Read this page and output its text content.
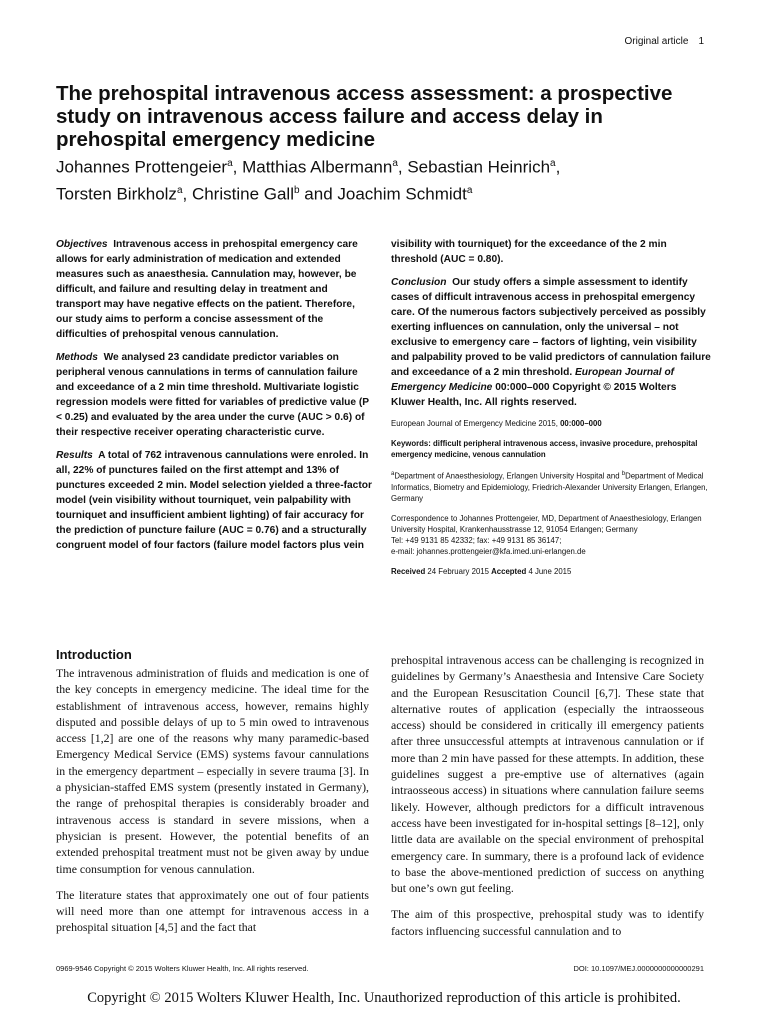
Original article 1
The prehospital intravenous access assessment: a prospective study on intravenous access failure and access delay in prehospital emergency medicine
Johannes Prottengeier$^a$, Matthias Albermann$^a$, Sebastian Heinrich$^a$,
Torsten Birkholz$^a$, Christine Gall$^b$ and Joachim Schmidt$^a$

Objectives Intravenous access in prehospital emergency care allows for early administration of medication and extended measures such as anaesthesia. Cannulation may, however, be difficult, and failure and resulting delay in treatment and transport may have negative effects on the patient. Therefore, our study aims to perform a concise assessment of the difficulties of prehospital venous cannulation.

Methods We analysed 23 candidate predictor variables on peripheral venous cannulations in terms of cannulation failure and exceedance of a 2 min time threshold. Multivariate logistic regression models were fitted for variables of predictive value (P < 0.25) and evaluated by the area under the curve (AUC > 0.6) of their respective receiver operating characteristic curve.

Results A total of 762 intravenous cannulations were enroled. In all, 22% of punctures failed on the first attempt and 13% of punctures exceeded 2 min. Model selection yielded a three-factor model (vein visibility without tourniquet, vein palpability with tourniquet and insufficient ambient lighting) of fair accuracy for the prediction of puncture failure (AUC = 0.76) and a structurally congruent model of four factors (failure model factors plus vein

visibility with tourniquet) for the exceedance of the 2 min threshold (AUC = 0.80).

Conclusion Our study offers a simple assessment to identify cases of difficult intravenous access in prehospital emergency care. Of the numerous factors subjectively perceived as possibly exerting influences on cannulation, only the universal – not exclusive to emergency care – factors of lighting, vein visibility and palpability proved to be valid predictors of cannulation failure and exceedance of a 2 min threshold. European Journal of Emergency Medicine 00:000–000 Copyright © 2015 Wolters Kluwer Health, Inc. All rights reserved.

European Journal of Emergency Medicine 2015, 00:000–000

Keywords: difficult peripheral intravenous access, invasive procedure, prehospital emergency medicine, venous cannulation

$^a$Department of Anaesthesiology, Erlangen University Hospital and $^b$Department of Medical Informatics, Biometry and Epidemiology, Friedrich-Alexander University Erlangen, Erlangen, Germany

Correspondence to Johannes Prottengeier, MD, Department of Anaesthesiology, Erlangen University Hospital, Krankenhausstrasse 12, 91054 Erlangen; Germany
Tel: +49 9131 85 42332; fax: +49 9131 85 36147;
e-mail: johannes.prottengeier@kfa.imed.uni-erlangen.de

Received 24 February 2015 Accepted 4 June 2015

Introduction

The intravenous administration of fluids and medication is one of the key concepts in emergency medicine. The ideal time for the establishment of intravenous access, however, remains highly disputed and possible delays of up to 5 min owed to intravenous access [1,2] are one of the reasons why many paramedic-based Emergency Medical Service (EMS) systems favour cannulations in the emergency department – especially in severe trauma [3]. In a physician-staffed EMS system (presently instated in Germany), the range of prehospital therapies is considerably broader and intravenous access is standard in severe missions, when a physician is present. However, the potential benefits of an extended prehospital treatment must not be given away by undue time consumption for venous cannulation.

The literature states that approximately one out of four patients will need more than one attempt for intravenous access in a prehospital situation [4,5] and the fact that

prehospital intravenous access can be challenging is recognized in guidelines by Germany’s Anaesthesia and Intensive Care Society and the European Resuscitation Council [6,7]. These state that alternative routes of application (especially the intraosseous access) should be considered in critically ill emergency patients after three unsuccessful attempts at intravenous cannulation or if more than 2 min have passed for these attempts. In addition, these guidelines suggest a pre-emptive use of alternatives (again intraosseous access) in situations where cannulation failure seems likely. However, although predictors for a difficult intravenous access have been investigated for in-hospital settings [8–12], only little data are available on the special environment of prehospital emergency care. In summary, there is a profound lack of evidence to base the above-mentioned prediction of success on anything but one’s own gut feeling.

The aim of this prospective, prehospital study was to identify factors influencing successful cannulation and to

0969-9546 Copyright © 2015 Wolters Kluwer Health, Inc. All rights reserved.	DOI: 10.1097/MEJ.0000000000000291
Copyright © 2015 Wolters Kluwer Health, Inc. Unauthorized reproduction of this article is prohibited.
